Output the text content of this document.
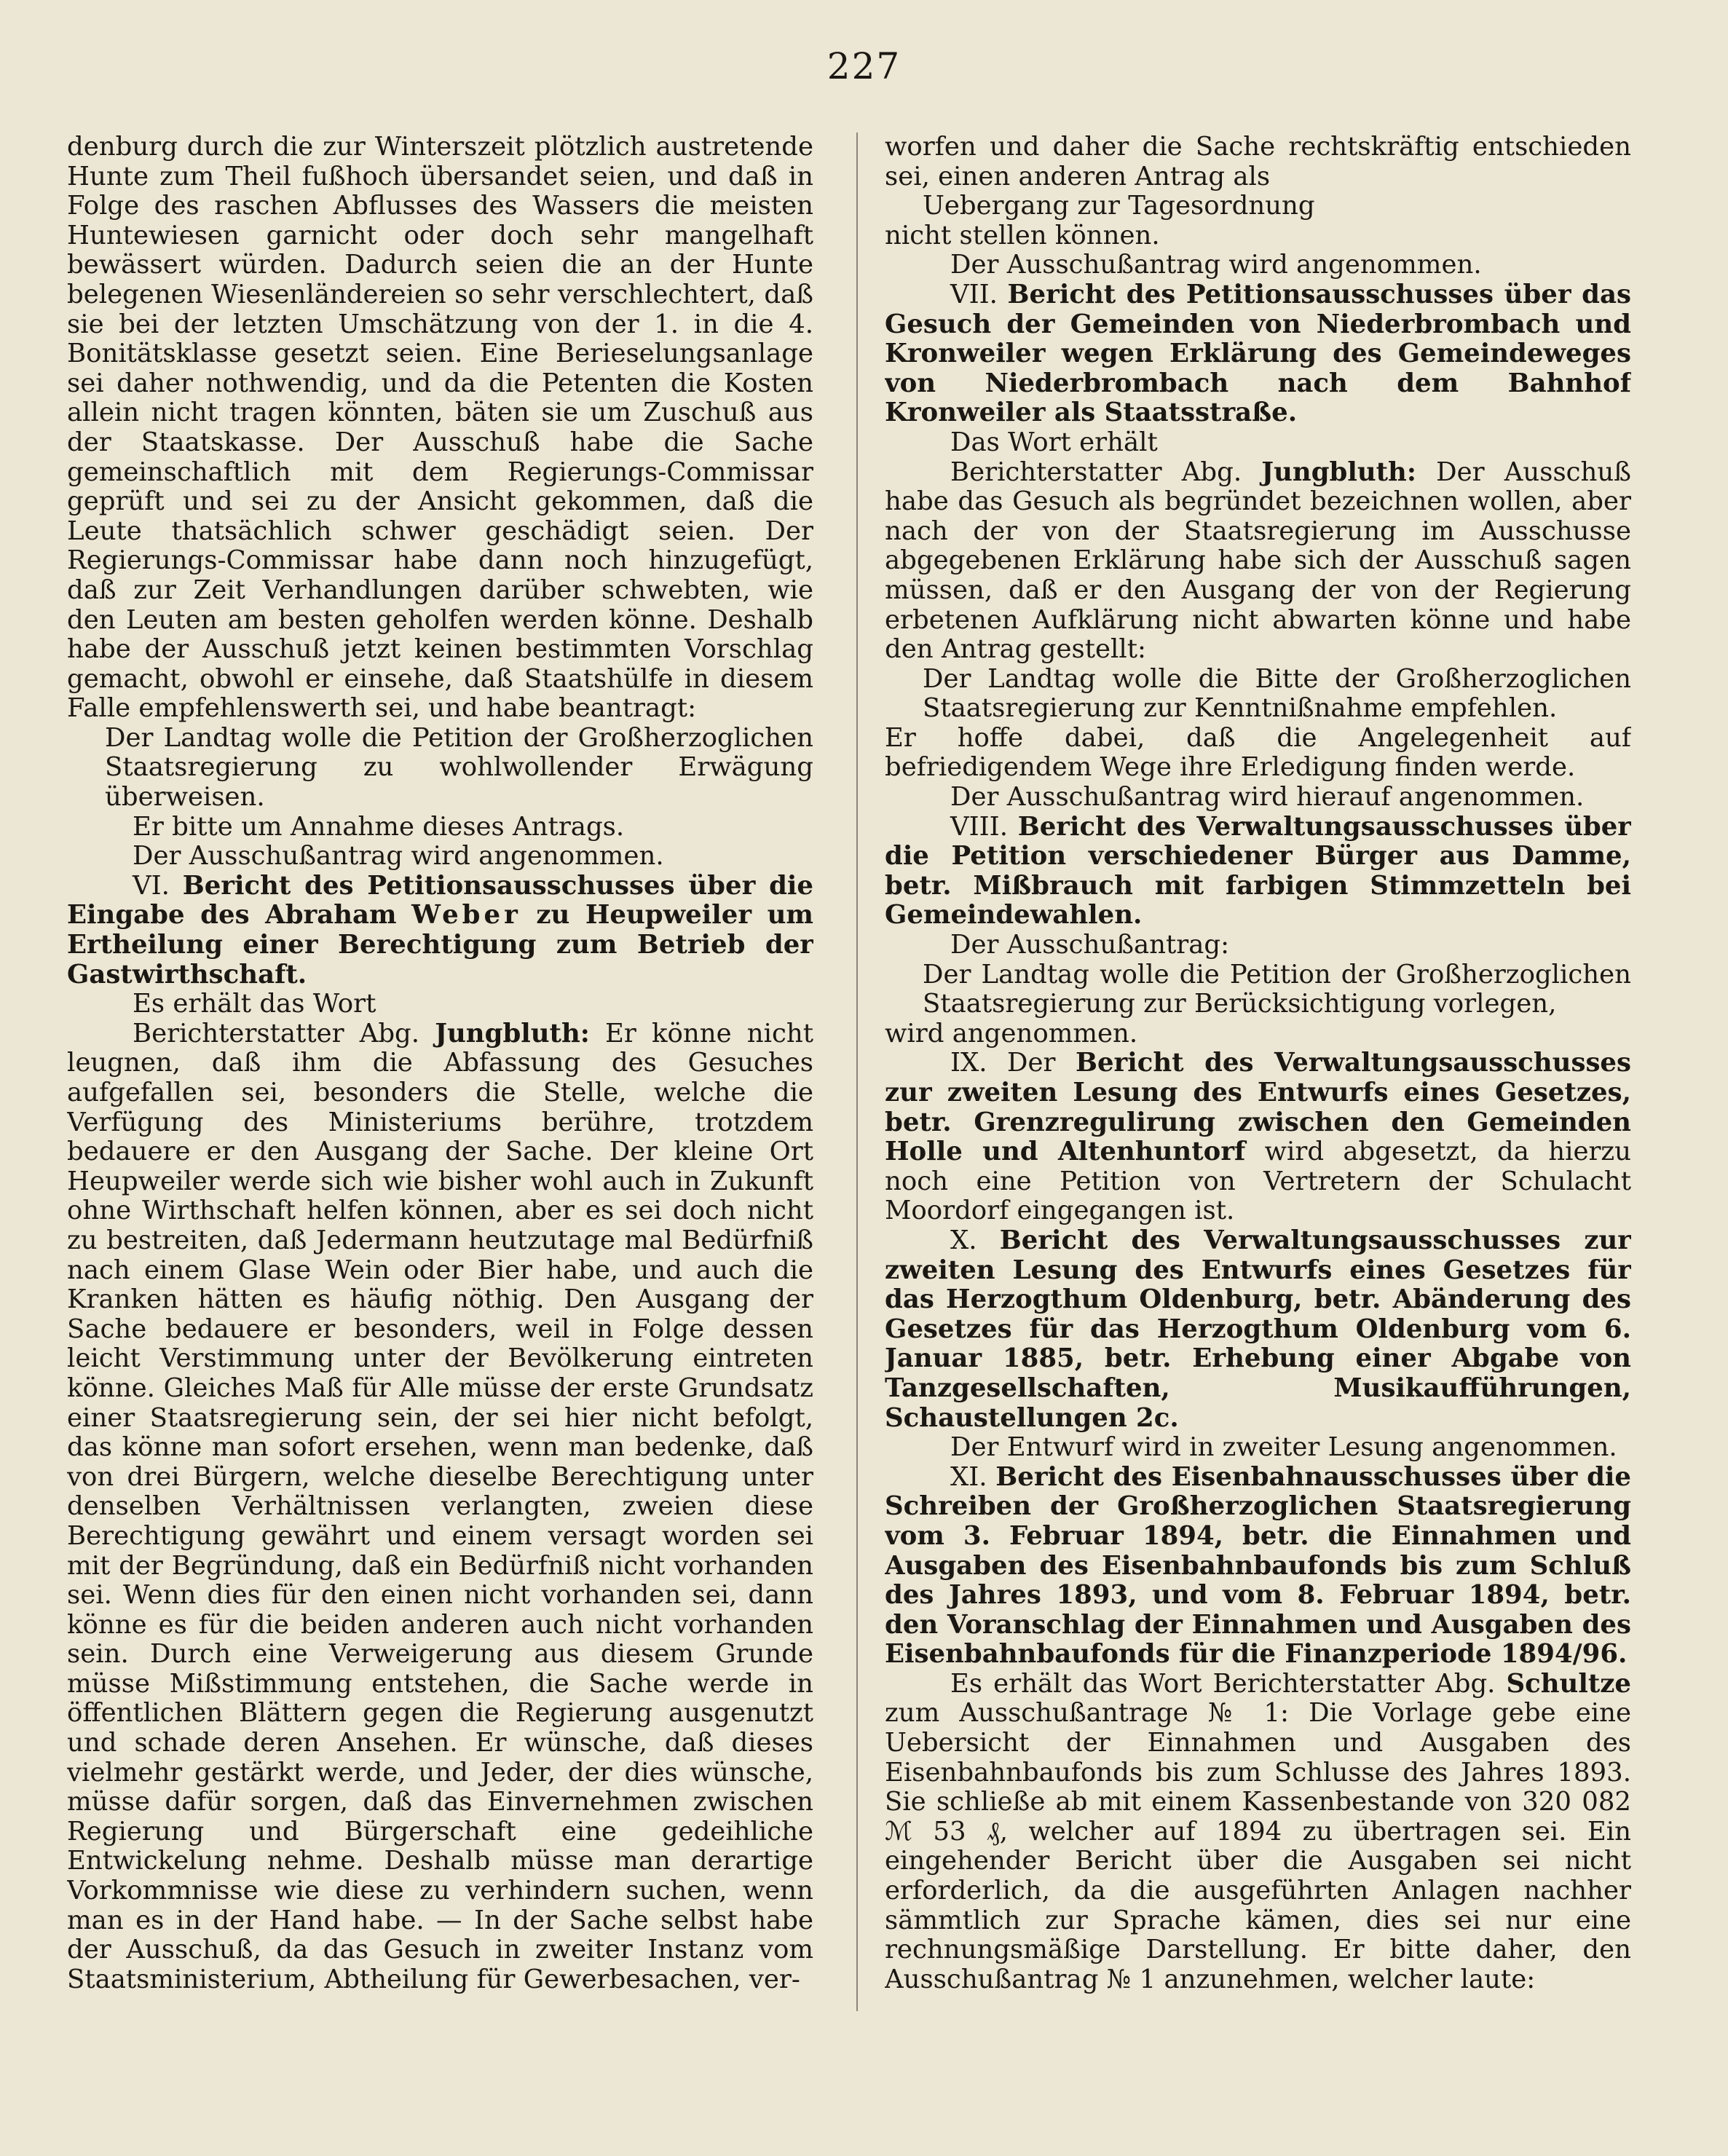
227

denburg durch die zur Winterszeit plötzlich austretende Hunte zum Theil fußhoch übersandet seien, und daß in Folge des raschen Abflusses des Wassers die meisten Huntewiesen garnicht oder doch sehr mangelhaft bewässert würden. Dadurch seien die an der Hunte belegenen Wiesenländereien so sehr verschlechtert, daß sie bei der letzten Umschätzung von der 1. in die 4. Bonitätsklasse gesetzt seien. Eine Berieselungsanlage sei daher nothwendig, und da die Petenten die Kosten allein nicht tragen könnten, bäten sie um Zuschuß aus der Staatskasse. Der Ausschuß habe die Sache gemeinschaftlich mit dem Regierungs-Commissar geprüft und sei zu der Ansicht gekommen, daß die Leute thatsächlich schwer geschädigt seien. Der Regierungs-Commissar habe dann noch hinzugefügt, daß zur Zeit Verhandlungen darüber schwebten, wie den Leuten am besten geholfen werden könne. Deshalb habe der Ausschuß jetzt keinen bestimmten Vorschlag gemacht, obwohl er einsehe, daß Staatshülfe in diesem Falle empfehlenswerth sei, und habe beantragt:

Der Landtag wolle die Petition der Großherzoglichen Staatsregierung zu wohlwollender Erwägung überweisen.

Er bitte um Annahme dieses Antrags.

Der Ausschußantrag wird angenommen.

VI. Bericht des Petitionsausschusses über die Eingabe des Abraham Weber zu Heupweiler um Ertheilung einer Berechtigung zum Betrieb der Gastwirthschaft.

Es erhält das Wort

Berichterstatter Abg. Jungbluth: Er könne nicht leugnen, daß ihm die Abfassung des Gesuches aufgefallen sei, besonders die Stelle, welche die Verfügung des Ministeriums berühre, trotzdem bedauere er den Ausgang der Sache. Der kleine Ort Heupweiler werde sich wie bisher wohl auch in Zukunft ohne Wirthschaft helfen können, aber es sei doch nicht zu bestreiten, daß Jedermann heutzutage mal Bedürfniß nach einem Glase Wein oder Bier habe, und auch die Kranken hätten es häufig nöthig. Den Ausgang der Sache bedauere er besonders, weil in Folge dessen leicht Verstimmung unter der Bevölkerung eintreten könne. Gleiches Maß für Alle müsse der erste Grundsatz einer Staatsregierung sein, der sei hier nicht befolgt, das könne man sofort ersehen, wenn man bedenke, daß von drei Bürgern, welche dieselbe Berechtigung unter denselben Verhältnissen verlangten, zweien diese Berechtigung gewährt und einem versagt worden sei mit der Begründung, daß ein Bedürfniß nicht vorhanden sei. Wenn dies für den einen nicht vorhanden sei, dann könne es für die beiden anderen auch nicht vorhanden sein. Durch eine Verweigerung aus diesem Grunde müsse Mißstimmung entstehen, die Sache werde in öffentlichen Blättern gegen die Regierung ausgenutzt und schade deren Ansehen. Er wünsche, daß dieses vielmehr gestärkt werde, und Jeder, der dies wünsche, müsse dafür sorgen, daß das Einvernehmen zwischen Regierung und Bürgerschaft eine gedeihliche Entwickelung nehme. Deshalb müsse man derartige Vorkommnisse wie diese zu verhindern suchen, wenn man es in der Hand habe. — In der Sache selbst habe der Ausschuß, da das Gesuch in zweiter Instanz vom Staatsministerium, Abtheilung für Gewerbesachen, ver-

worfen und daher die Sache rechtskräftig entschieden sei, einen anderen Antrag als

Uebergang zur Tagesordnung

nicht stellen können.

Der Ausschußantrag wird angenommen.

VII. Bericht des Petitionsausschusses über das Gesuch der Gemeinden von Niederbrombach und Kronweiler wegen Erklärung des Gemeindeweges von Niederbrombach nach dem Bahnhof Kronweiler als Staatsstraße.

Das Wort erhält

Berichterstatter Abg. Jungbluth: Der Ausschuß habe das Gesuch als begründet bezeichnen wollen, aber nach der von der Staatsregierung im Ausschusse abgegebenen Erklärung habe sich der Ausschuß sagen müssen, daß er den Ausgang der von der Regierung erbetenen Aufklärung nicht abwarten könne und habe den Antrag gestellt:

Der Landtag wolle die Bitte der Großherzoglichen Staatsregierung zur Kenntnißnahme empfehlen.

Er hoffe dabei, daß die Angelegenheit auf befriedigendem Wege ihre Erledigung finden werde.

Der Ausschußantrag wird hierauf angenommen.

VIII. Bericht des Verwaltungsausschusses über die Petition verschiedener Bürger aus Damme, betr. Mißbrauch mit farbigen Stimmzetteln bei Gemeindewahlen.

Der Ausschußantrag:

Der Landtag wolle die Petition der Großherzoglichen Staatsregierung zur Berücksichtigung vorlegen,

wird angenommen.

IX. Der Bericht des Verwaltungsausschusses zur zweiten Lesung des Entwurfs eines Gesetzes, betr. Grenzregulirung zwischen den Gemeinden Holle und Altenhuntorf wird abgesetzt, da hierzu noch eine Petition von Vertretern der Schulacht Moordorf eingegangen ist.

X. Bericht des Verwaltungsausschusses zur zweiten Lesung des Entwurfs eines Gesetzes für das Herzogthum Oldenburg, betr. Abänderung des Gesetzes für das Herzogthum Oldenburg vom 6. Januar 1885, betr. Erhebung einer Abgabe von Tanzgesellschaften, Musikaufführungen, Schaustellungen 2c.

Der Entwurf wird in zweiter Lesung angenommen.

XI. Bericht des Eisenbahnausschusses über die Schreiben der Großherzoglichen Staatsregierung vom 3. Februar 1894, betr. die Einnahmen und Ausgaben des Eisenbahnbaufonds bis zum Schluß des Jahres 1893, und vom 8. Februar 1894, betr. den Voranschlag der Einnahmen und Ausgaben des Eisenbahnbaufonds für die Finanzperiode 1894/96.

Es erhält das Wort Berichterstatter Abg. Schultze zum Ausschußantrage № 1: Die Vorlage gebe eine Uebersicht der Einnahmen und Ausgaben des Eisenbahnbaufonds bis zum Schlusse des Jahres 1893. Sie schließe ab mit einem Kassenbestande von 320 082 ℳ 53 ₰, welcher auf 1894 zu übertragen sei. Ein eingehender Bericht über die Ausgaben sei nicht erforderlich, da die ausgeführten Anlagen nachher sämmtlich zur Sprache kämen, dies sei nur eine rechnungsmäßige Darstellung. Er bitte daher, den Ausschußantrag № 1 anzunehmen, welcher laute:
